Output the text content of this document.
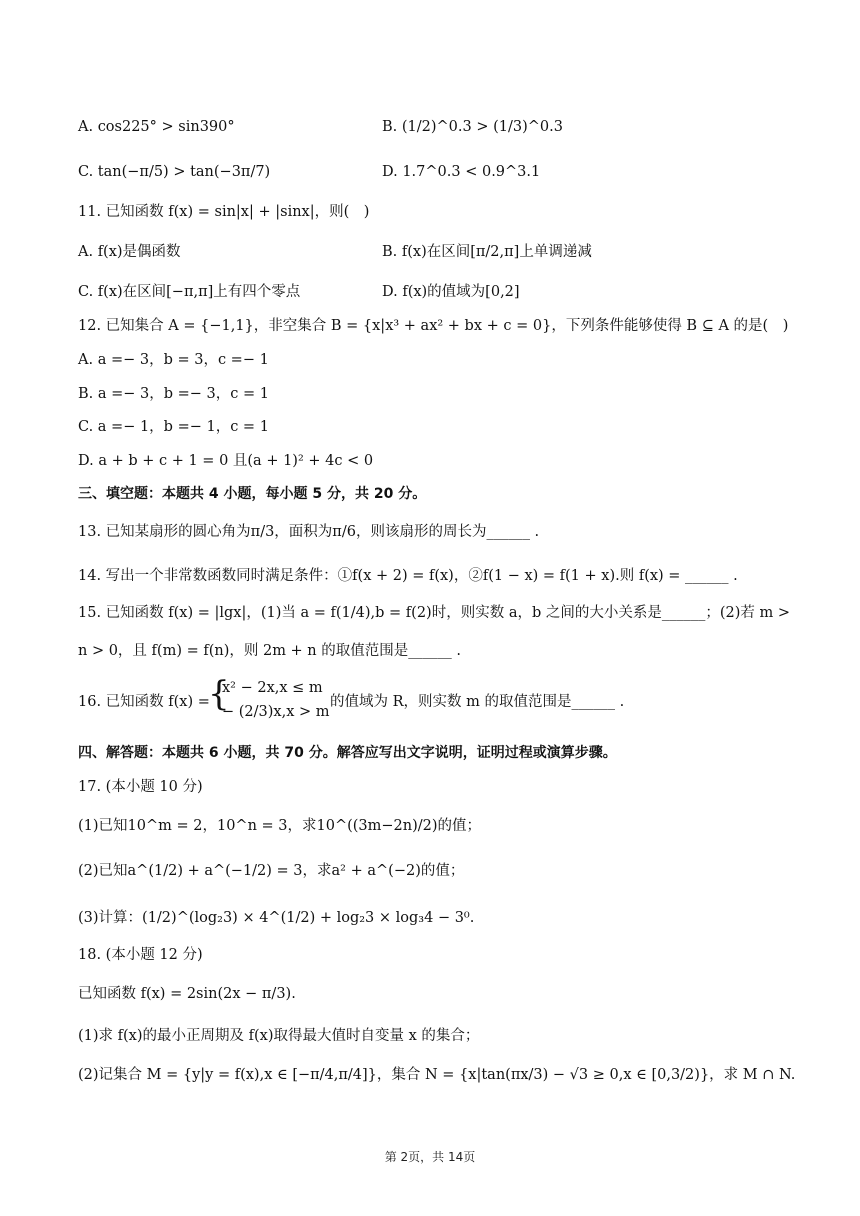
A. cos225° > sin390°	B. (1/2)^0.3 > (1/3)^0.3
C. tan(−π/5) > tan(−3π/7)	D. 1.7^0.3 < 0.9^3.1
11. 已知函数 f(x) = sin|x| + |sinx|，则(　)
A. f(x)是偶函数	B. f(x)在区间[π/2,π]上单调递减
C. f(x)在区间[−π,π]上有四个零点	D. f(x)的值域为[0,2]
12. 已知集合 A = {−1,1}，非空集合 B = {x|x³ + ax² + bx + c = 0}，下列条件能够使得 B ⊆ A 的是(　)
A. a =− 3，b = 3，c =− 1
B. a =− 3，b =− 3，c = 1
C. a =− 1，b =− 1，c = 1
D. a + b + c + 1 = 0 且(a + 1)² + 4c < 0
三、填空题：本题共 4 小题，每小题 5 分，共 20 分。
13. 已知某扇形的圆心角为π/3，面积为π/6，则该扇形的周长为______ .
14. 写出一个非常数函数同时满足条件：①f(x + 2) = f(x)，②f(1 − x) = f(1 + x).则 f(x) = ______ .
15. 已知函数 f(x) = |lgx|，(1)当 a = f(1/4),b = f(2)时，则实数 a，b 之间的大小关系是______；(2)若 m >
n > 0，且 f(m) = f(n)，则 2m + n 的取值范围是______ .
16. 已知函数 f(x) =
{
x² − 2x,x ≤ m
− (2/3)x,x > m
的值域为 R，则实数 m 的取值范围是______ .
四、解答题：本题共 6 小题，共 70 分。解答应写出文字说明，证明过程或演算步骤。
17. (本小题 10 分)
(1)已知10^m = 2，10^n = 3，求10^((3m−2n)/2)的值；
(2)已知a^(1/2) + a^(−1/2) = 3，求a² + a^(−2)的值；
(3)计算：(1/2)^(log₂3) × 4^(1/2) + log₂3 × log₃4 − 3⁰.
18. (本小题 12 分)
已知函数 f(x) = 2sin(2x − π/3).
(1)求 f(x)的最小正周期及 f(x)取得最大值时自变量 x 的集合；
(2)记集合 M = {y|y = f(x),x ∈ [−π/4,π/4]}，集合 N = {x|tan(πx/3) − √3 ≥ 0,x ∈ [0,3/2)}，求 M ∩ N.
第 2页，共 14页
